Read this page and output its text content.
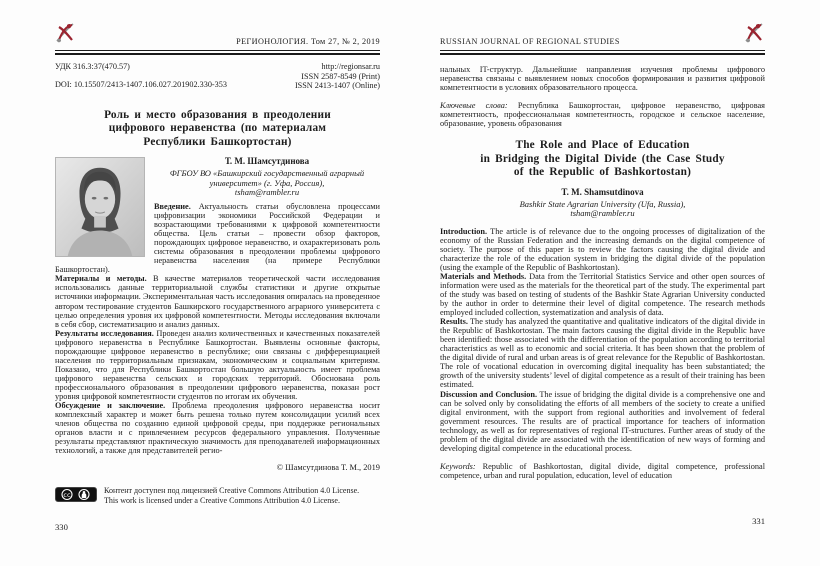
РЕГИОНОЛОГИЯ. Том 27, № 2, 2019
УДК 316.3:37(470.57)
DOI: 10.15507/2413-1407.106.027.201902.330-353
http://regionsar.ru
ISSN 2587-8549 (Print)
ISSN 2413-1407 (Online)
Роль и место образования в преодолении
цифрового неравенства (по материалам
Республики Башкортостан)
Т. М. Шамсутдинова
ФГБОУ ВО «Башкирский государственный аграрный
университет» (г. Уфа, Россия),
tsham@rambler.ru

Введение. Актуальность статьи обусловлена процессами цифровизации экономики Российской Федерации и возрастающими требованиями к цифровой компетентности общества. Цель статьи – провести обзор факторов, порождающих цифровое неравенство, и охарактеризовать роль системы образования в преодолении проблемы цифрового неравенства населения (на примере Республики Башкортостан).

Материалы и методы. В качестве материалов теоретической части исследования использовались данные территориальной службы статистики и другие открытые источники информации. Экспериментальная часть исследования опиралась на проведенное автором тестирование студентов Башкирского государственного аграрного университета с целью определения уровня их цифровой компетентности. Методы исследования включали в себя сбор, систематизацию и анализ данных.

Результаты исследования. Проведен анализ количественных и качественных показателей цифрового неравенства в Республике Башкортостан. Выявлены основные факторы, порождающие цифровое неравенство в республике; они связаны с дифференциацией населения по территориальным признакам, экономическим и социальным критериям. Показано, что для Республики Башкортостан большую актуальность имеет проблема цифрового неравенства сельских и городских территорий. Обоснована роль профессионального образования в преодолении цифрового неравенства, показан рост уровня цифровой компетентности студентов по итогам их обучения.

Обсуждение и заключение. Проблема преодоления цифрового неравенства носит комплексный характер и может быть решена только путем консолидации усилий всех членов общества по созданию единой цифровой среды, при поддержке региональных органов власти и с привлечением ресурсов федерального управления. Полученные результаты представляют практическую значимость для преподавателей информационных технологий, а также для представителей регио-

© Шамсутдинова Т. М., 2019
cc	Контент доступен под лицензией Creative Commons Attribution 4.0 License.
This work is licensed under a Creative Commons Attribution 4.0 License.
330
RUSSIAN JOURNAL OF REGIONAL STUDIES

нальных IT-структур. Дальнейшие направления изучения проблемы цифрового неравенства связаны с выявлением новых способов формирования и развития цифровой компетентности в условиях образовательного процесса.

Ключевые слова: Республика Башкортостан, цифровое неравенство, цифровая компетентность, профессиональная компетентность, городское и сельское население, образование, уровень образования

The Role and Place of Education
in Bridging the Digital Divide (the Case Study
of the Republic of Bashkortostan)
T. M. Shamsutdinova
Bashkir State Agrarian University (Ufa, Russia),
tsham@rambler.ru

Introduction. The article is of relevance due to the ongoing processes of digitalization of the economy of the Russian Federation and the increasing demands on the digital competence of society. The purpose of this paper is to review the factors causing the digital divide and characterize the role of the education system in bridging the digital divide of the population (using the example of the Republic of Bashkortostan).

Materials and Methods. Data from the Territorial Statistics Service and other open sources of information were used as the materials for the theoretical part of the study. The experimental part of the study was based on testing of students of the Bashkir State Agrarian University conducted by the author in order to determine their level of digital competence. The research methods employed included collection, systematization and analysis of data.

Results. The study has analyzed the quantitative and qualitative indicators of the digital divide in the Republic of Bashkortostan. The main factors causing the digital divide in the Republic have been identified: those associated with the differentiation of the population according to territorial characteristics as well as to economic and social criteria. It has been shown that the problem of the digital divide of rural and urban areas is of great relevance for the Republic of Bashkortostan. The role of vocational education in overcoming digital inequality has been substantiated; the growth of the university students’ level of digital competence as a result of their training has been estimated.

Discussion and Conclusion. The issue of bridging the digital divide is a comprehensive one and can be solved only by consolidating the efforts of all members of the society to create a unified digital environment, with the support from regional authorities and involvement of federal government resources. The results are of practical importance for teachers of information technology, as well as for representatives of regional IT-structures. Further areas of study of the problem of the digital divide are associated with the identification of new ways of forming and developing digital competence in the educational process.

Keywords: Republic of Bashkortostan, digital divide, digital competence, professional competence, urban and rural population, education, level of education

331
